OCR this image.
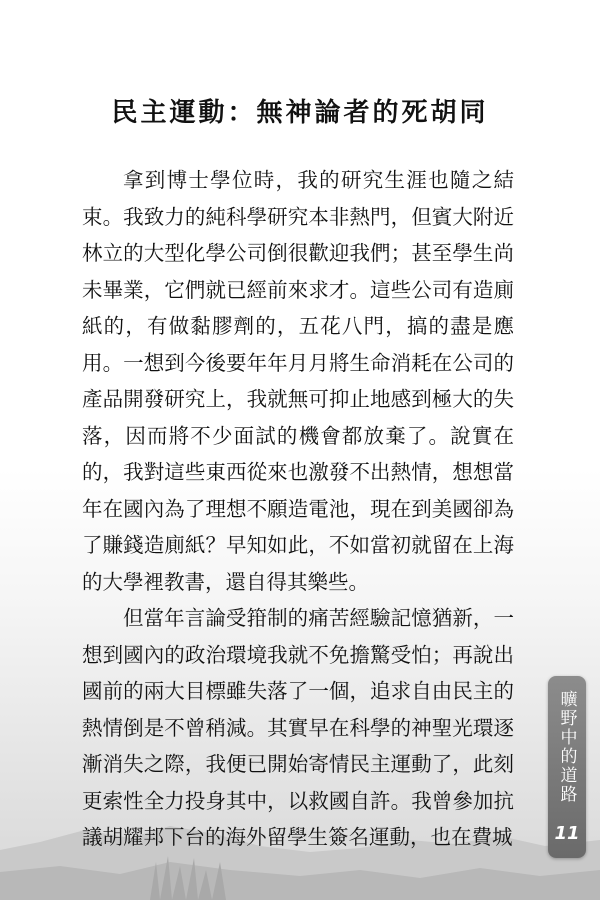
民主運動：無神論者的死胡同

拿到博士學位時，我的研究生涯也隨之結束。我致力的純科學研究本非熱門，但賓大附近林立的大型化學公司倒很歡迎我們；甚至學生尚未畢業，它們就已經前來求才。這些公司有造廁紙的，有做黏膠劑的，五花八門，搞的盡是應用。一想到今後要年年月月將生命消耗在公司的產品開發研究上，我就無可抑止地感到極大的失落，因而將不少面試的機會都放棄了。說實在的，我對這些東西從來也激發不出熱情，想想當年在國內為了理想不願造電池，現在到美國卻為了賺錢造廁紙？早知如此，不如當初就留在上海的大學裡教書，還自得其樂些。

但當年言論受箝制的痛苦經驗記憶猶新，一想到國內的政治環境我就不免擔驚受怕；再說出國前的兩大目標雖失落了一個，追求自由民主的熱情倒是不曾稍減。其實早在科學的神聖光環逐漸消失之際，我便已開始寄情民主運動了，此刻更索性全力投身其中，以救國自許。我曾參加抗議胡耀邦下台的海外留學生簽名運動，也在費城

曠野中的道路
11
